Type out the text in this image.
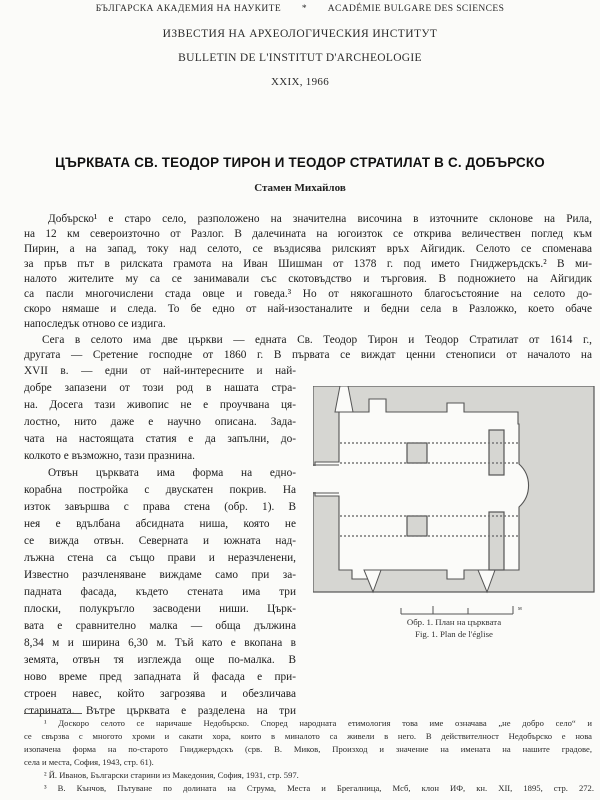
БЪЛГАРСКА АКАДЕМИЯ НА НАУКИТЕ * ACADÉMIE BULGARE DES SCIENCES
ИЗВЕСТИЯ НА АРХЕОЛОГИЧЕСКИЯ ИНСТИТУТ
BULLETIN DE L'INSTITUT D'ARCHEOLOGIE
XXIX, 1966
ЦЪРКВАТА СВ. ТЕОДОР ТИРОН И ТЕОДОР СТРАТИЛАТ В С. ДОБЪРСКО
Стамен Михайлов
Добърско¹ е старо село, разположено на значителна височина в източните склонове на Рила,
на 12 км североизточно от Разлог. В далечината на югоизток се открива величествен поглед към
Пирин, а на запад, току над селото, се въздисява рилският връх Айгидик. Селото се споменава
за пръв път в рилската грамота на Иван Шишман от 1378 г. под името Гниджеръдскъ.² В ми-
налото жителите му са се занимавали със скотовъдство и търговия. В подножието на Айгидик
са пасли многочислени стада овце и говеда.³ Но от някогашното благосъстояние на селото до-
скоро нямаше и следа. То бе едно от най-изостаналите и бедни села в Разложко, което обаче
напоследък отново се издига.
Сега в селото има две църкви — едната Св. Теодор Тирон и Теодор Стратилат от 1614 г.,
другата — Сретение господне от 1860 г. В първата се виждат ценни стенописи от началото на
XVII в. — едни от най-интересните и най-
добре запазени от този род в нашата стра-
на. Досега тази живопис не е проучвана ця-
лостно, нито даже е научно описана. Зада-
чата на настоящата статия е да запълни, до-
колкото е възможно, тази празнина.
Отвън църквата има форма на едно-
корабна постройка с двускатен покрив. На
изток завършва с права стена (обр. 1). В
нея е вдълбана абсидната ниша, която не
се вижда отвън. Северната и южната над-
лъжна стена са също прави и неразчленени,
Известно разчленяване виждаме само при за-
падната фасада, където стената има три
плоски, полукръгло засводени ниши. Църк-
вата е сравнително малка — обща дължина
8,34 м и ширина 6,30 м. Тъй като е вкопана в
земята, отвън тя изглежда още по-малка. В
ново време пред западната й фасада е при-
строен навес, който загрозява и обезличава
старината. Вътре църквата е разделена на три
м
Обр. 1. План на църквата
Fig. 1. Plan de l'église
¹ Доскоро селото се наричаше Недобърско. Според народната етимология това име означава „не добро село“ и
се свързва с многото хроми и сакати хора, които в миналото са живели в него. В действителност Недобърско е нова
изопачена форма на по-старото Гниджеръдскъ (срв. В. Миков, Произход и значение на имената на нашите градове,
села и места, София, 1943, стр. 61).
² Й. Иванов, Български старини из Македония, София, 1931, стр. 597.
³ В. Кънчов, Пътуване по долината на Струма, Места и Брегалница, Мсб, клон ИФ, кн. XII, 1895, стр. 272.
